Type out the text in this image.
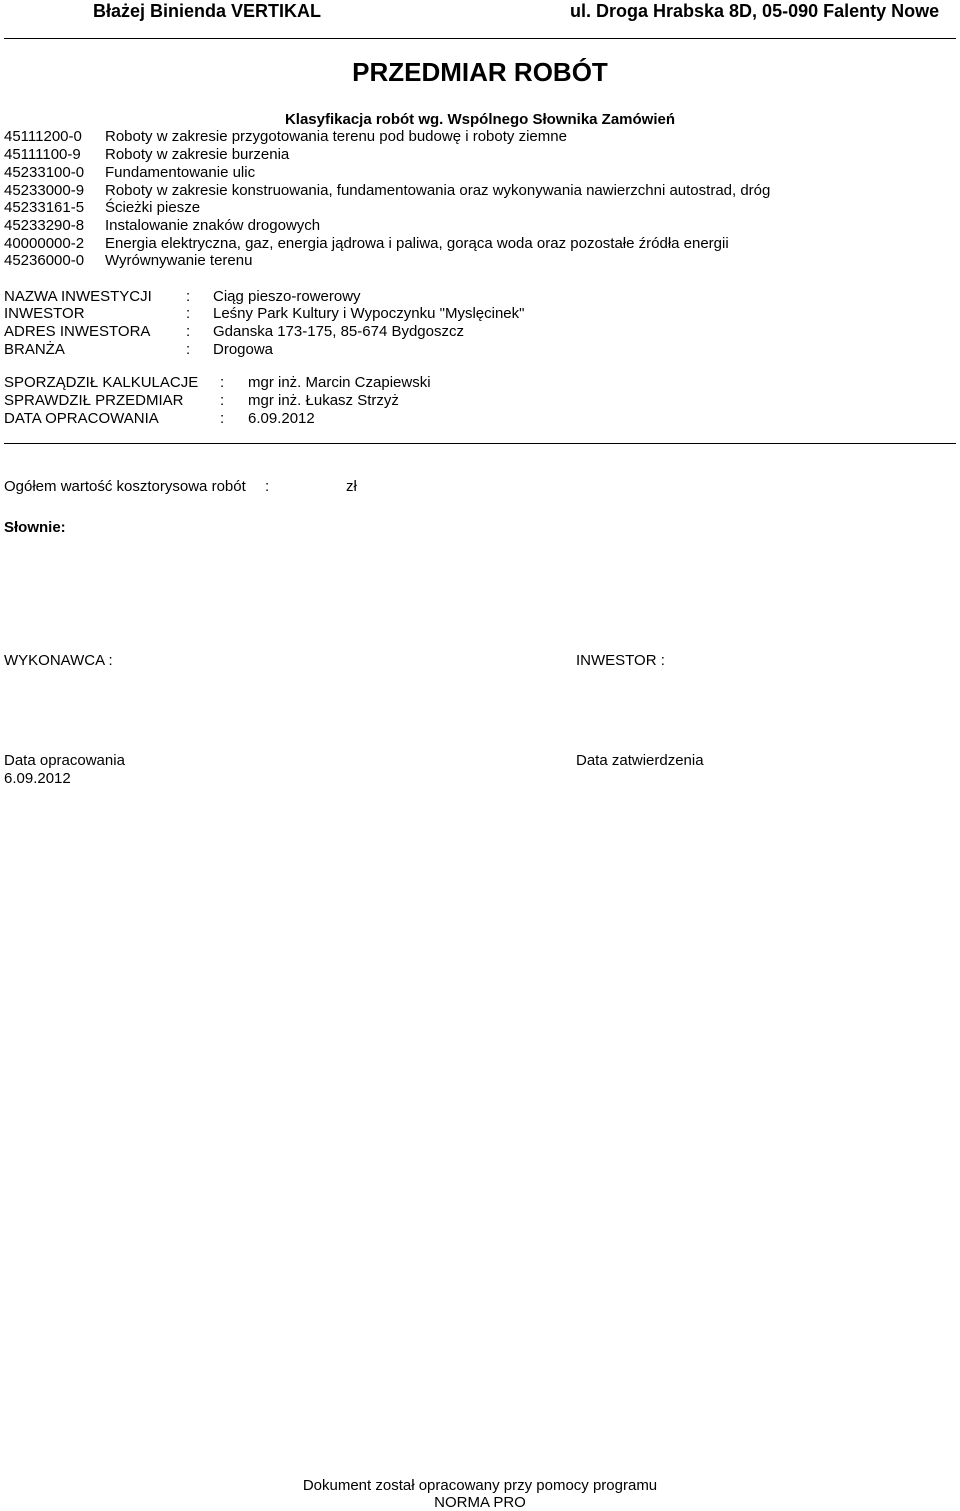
Błażej Binienda VERTIKAL	ul. Droga Hrabska 8D, 05-090 Falenty Nowe
PRZEDMIAR ROBÓT
Klasyfikacja robót wg. Wspólnego Słownika Zamówień
45111200-0 Roboty w zakresie przygotowania terenu pod budowę i roboty ziemne
45111100-9 Roboty w zakresie burzenia
45233100-0 Fundamentowanie ulic
45233000-9 Roboty w zakresie konstruowania, fundamentowania oraz wykonywania nawierzchni autostrad, dróg
45233161-5 Ścieżki piesze
45233290-8 Instalowanie znaków drogowych
40000000-2 Energia elektryczna, gaz, energia jądrowa i paliwa, gorąca woda oraz pozostałe źródła energii
45236000-0 Wyrównywanie terenu
NAZWA INWESTYCJI : Ciąg pieszo-rowerowy
INWESTOR	: Leśny Park Kultury i Wypoczynku "Myslęcinek"
ADRES INWESTORA : Gdanska 173-175, 85-674 Bydgoszcz
BRANŻA	: Drogowa
SPORZĄDZIŁ KALKULACJE : mgr inż. Marcin Czapiewski
SPRAWDZIŁ PRZEDMIAR : mgr inż. Łukasz Strzyż
DATA OPRACOWANIA	: 6.09.2012
Ogółem wartość kosztorysowa robót :	zł
Słownie:
WYKONAWCA :	INWESTOR :
Data opracowania
6.09.2012
Data zatwierdzenia
Dokument został opracowany przy pomocy programu
NORMA PRO
